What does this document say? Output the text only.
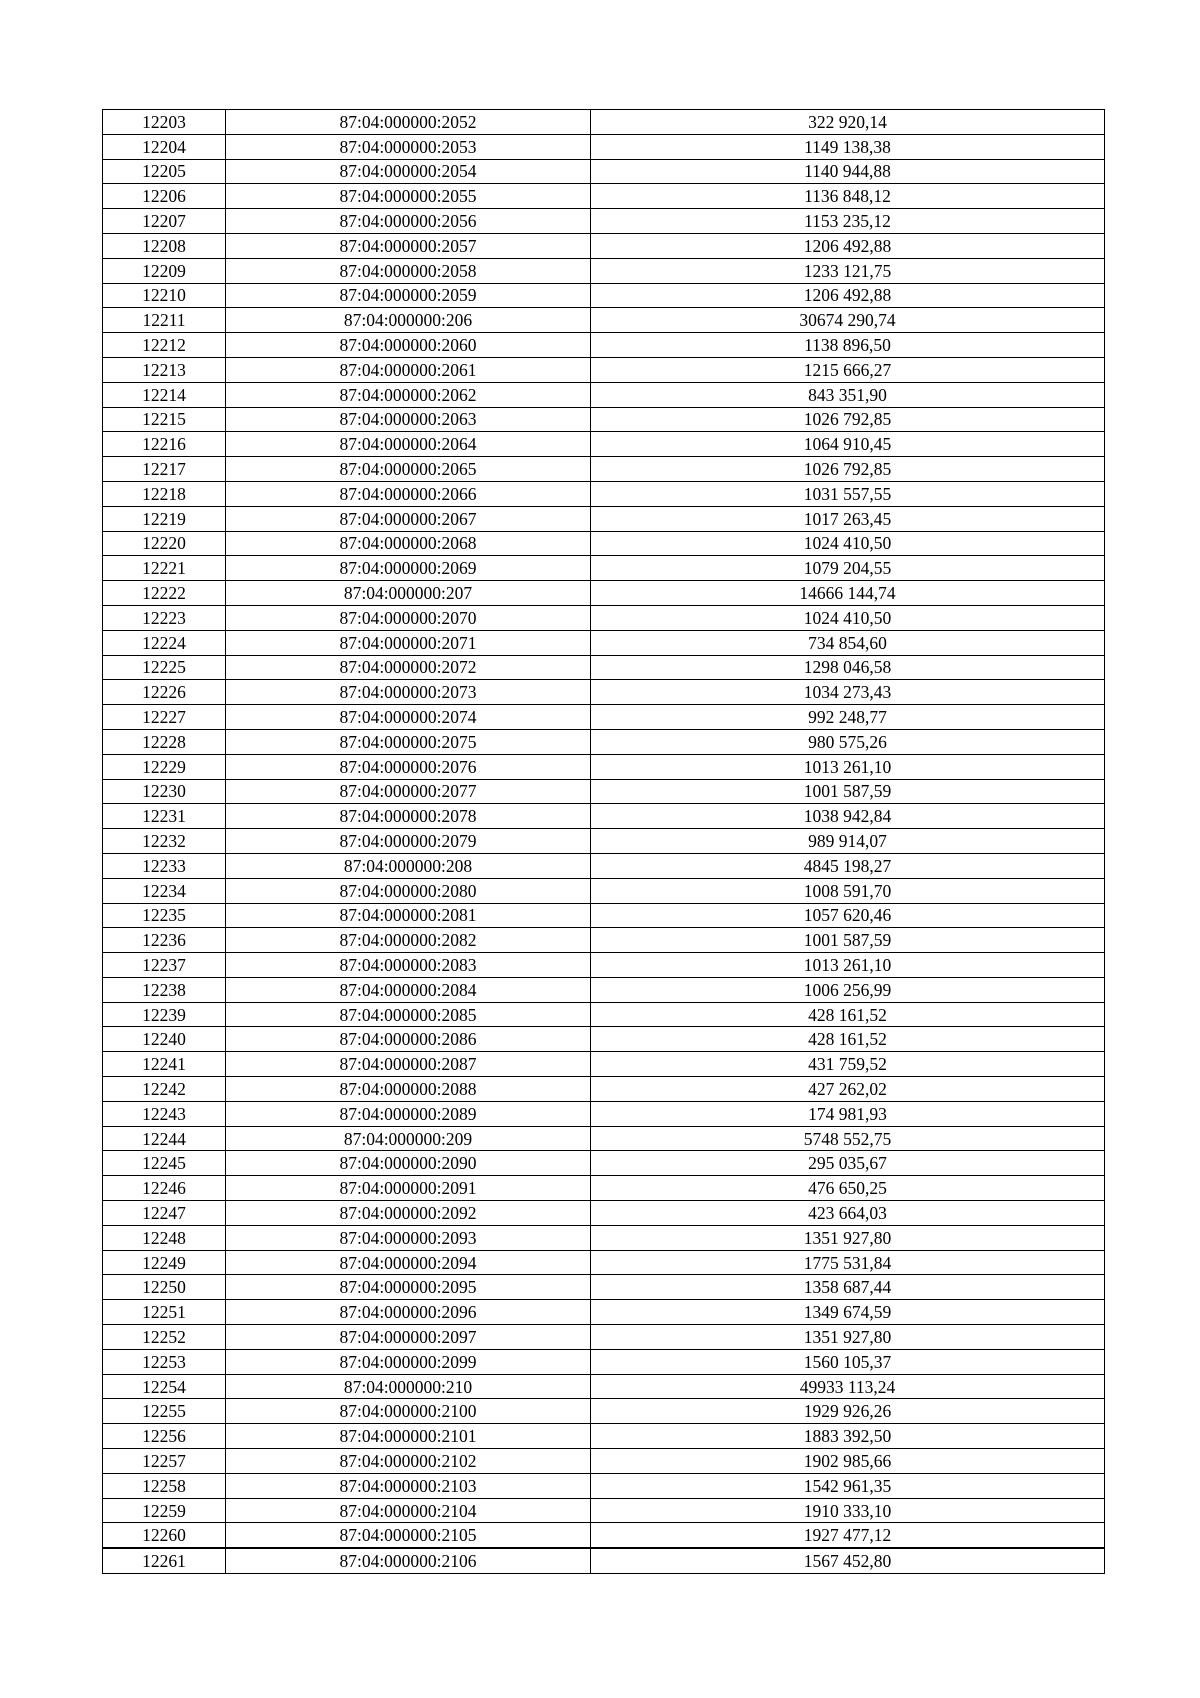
12203	87:04:000000:2052	322 920,14
12204	87:04:000000:2053	1149 138,38
12205	87:04:000000:2054	1140 944,88
12206	87:04:000000:2055	1136 848,12
12207	87:04:000000:2056	1153 235,12
12208	87:04:000000:2057	1206 492,88
12209	87:04:000000:2058	1233 121,75
12210	87:04:000000:2059	1206 492,88
12211	87:04:000000:206	30674 290,74
12212	87:04:000000:2060	1138 896,50
12213	87:04:000000:2061	1215 666,27
12214	87:04:000000:2062	843 351,90
12215	87:04:000000:2063	1026 792,85
12216	87:04:000000:2064	1064 910,45
12217	87:04:000000:2065	1026 792,85
12218	87:04:000000:2066	1031 557,55
12219	87:04:000000:2067	1017 263,45
12220	87:04:000000:2068	1024 410,50
12221	87:04:000000:2069	1079 204,55
12222	87:04:000000:207	14666 144,74
12223	87:04:000000:2070	1024 410,50
12224	87:04:000000:2071	734 854,60
12225	87:04:000000:2072	1298 046,58
12226	87:04:000000:2073	1034 273,43
12227	87:04:000000:2074	992 248,77
12228	87:04:000000:2075	980 575,26
12229	87:04:000000:2076	1013 261,10
12230	87:04:000000:2077	1001 587,59
12231	87:04:000000:2078	1038 942,84
12232	87:04:000000:2079	989 914,07
12233	87:04:000000:208	4845 198,27
12234	87:04:000000:2080	1008 591,70
12235	87:04:000000:2081	1057 620,46
12236	87:04:000000:2082	1001 587,59
12237	87:04:000000:2083	1013 261,10
12238	87:04:000000:2084	1006 256,99
12239	87:04:000000:2085	428 161,52
12240	87:04:000000:2086	428 161,52
12241	87:04:000000:2087	431 759,52
12242	87:04:000000:2088	427 262,02
12243	87:04:000000:2089	174 981,93
12244	87:04:000000:209	5748 552,75
12245	87:04:000000:2090	295 035,67
12246	87:04:000000:2091	476 650,25
12247	87:04:000000:2092	423 664,03
12248	87:04:000000:2093	1351 927,80
12249	87:04:000000:2094	1775 531,84
12250	87:04:000000:2095	1358 687,44
12251	87:04:000000:2096	1349 674,59
12252	87:04:000000:2097	1351 927,80
12253	87:04:000000:2099	1560 105,37
12254	87:04:000000:210	49933 113,24
12255	87:04:000000:2100	1929 926,26
12256	87:04:000000:2101	1883 392,50
12257	87:04:000000:2102	1902 985,66
12258	87:04:000000:2103	1542 961,35
12259	87:04:000000:2104	1910 333,10
12260	87:04:000000:2105	1927 477,12
12261	87:04:000000:2106	1567 452,80
